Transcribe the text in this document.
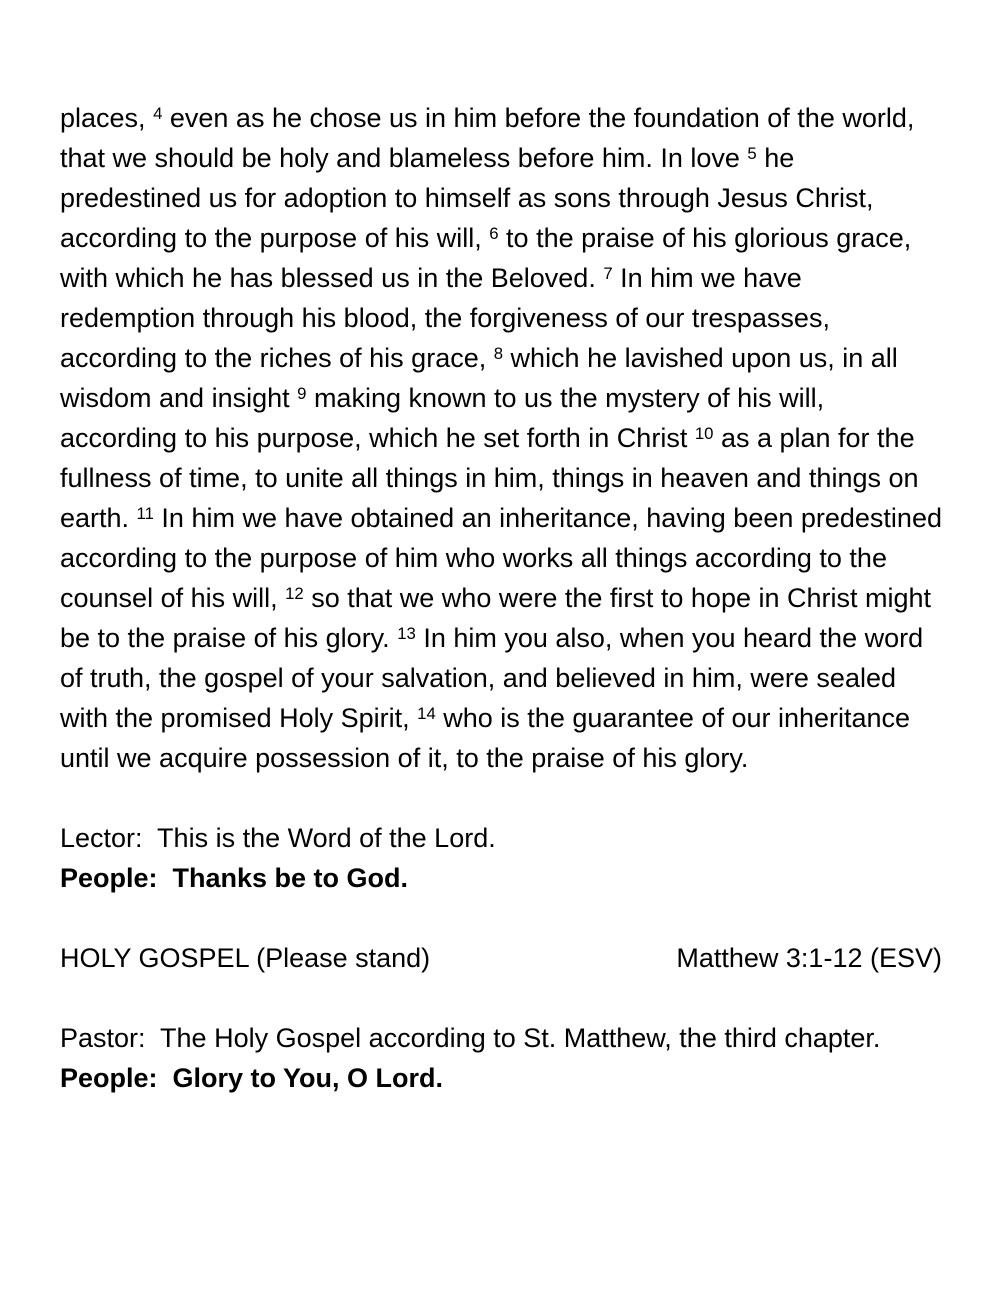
places, $^4$ even as he chose us in him before the foundation of the world, that we should be holy and blameless before him. In love $^5$ he predestined us for adoption to himself as sons through Jesus Christ, according to the purpose of his will, $^6$ to the praise of his glorious grace, with which he has blessed us in the Beloved. $^7$ In him we have redemption through his blood, the forgiveness of our trespasses, according to the riches of his grace, $^8$ which he lavished upon us, in all wisdom and insight $^9$ making known to us the mystery of his will, according to his purpose, which he set forth in Christ $^{10}$ as a plan for the fullness of time, to unite all things in him, things in heaven and things on earth. $^{11}$ In him we have obtained an inheritance, having been predestined according to the purpose of him who works all things according to the counsel of his will, $^{12}$ so that we who were the first to hope in Christ might be to the praise of his glory. $^{13}$ In him you also, when you heard the word of truth, the gospel of your salvation, and believed in him, were sealed with the promised Holy Spirit, $^{14}$ who is the guarantee of our inheritance until we acquire possession of it, to the praise of his glory.

Lector:  This is the Word of the Lord.

People:  Thanks be to God.

HOLY GOSPEL (Please stand)	Matthew 3:1-12 (ESV)

Pastor:  The Holy Gospel according to St. Matthew, the third chapter.

People:  Glory to You, O Lord.
